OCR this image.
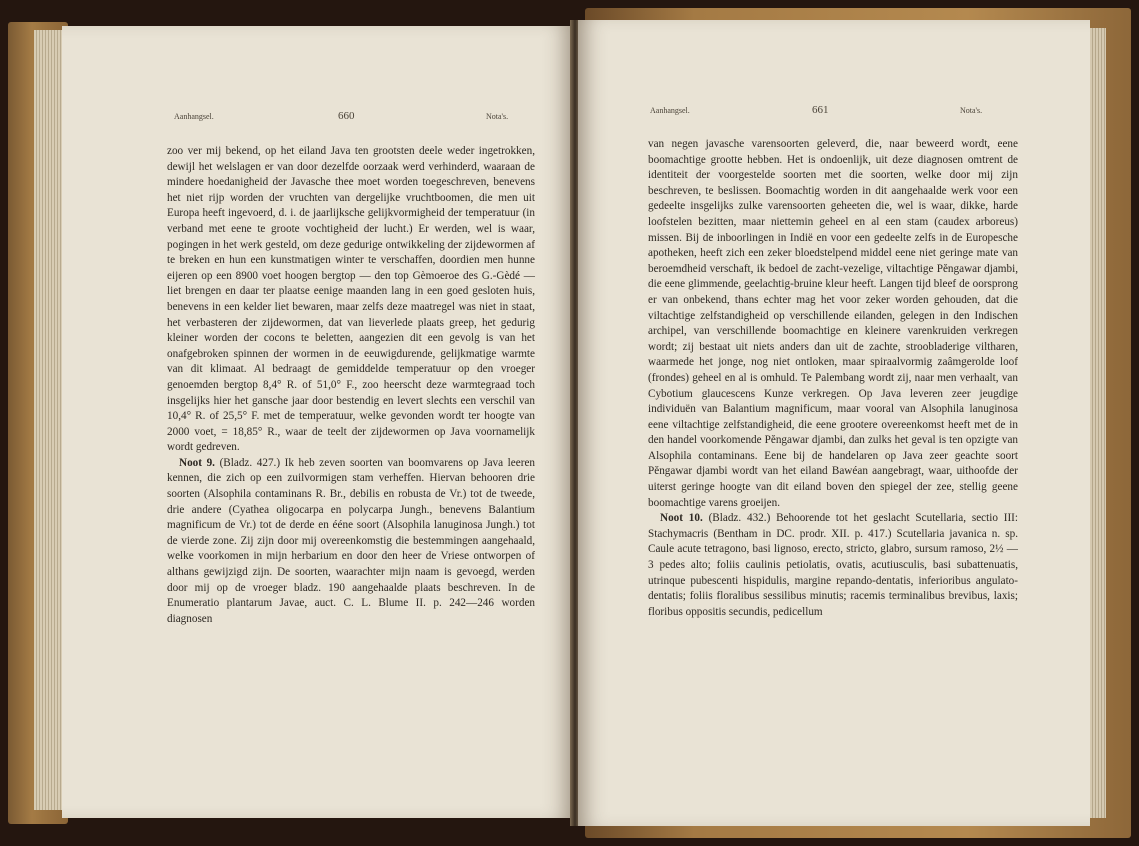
Aanhangsel.	660	Nota's.

zoo ver mij bekend, op het eiland Java ten grootsten deele weder ingetrokken, dewijl het welslagen er van door dezelfde oorzaak werd verhinderd, waaraan de mindere hoedanigheid der Javasche thee moet worden toegeschreven, benevens het niet rijp worden der vruchten van dergelijke vruchtboomen, die men uit Europa heeft ingevoerd, d. i. de jaarlijksche gelijkvormigheid der temperatuur (in verband met eene te groote vochtigheid der lucht.) Er werden, wel is waar, pogingen in het werk gesteld, om deze gedurige ontwikkeling der zijdewormen af te breken en hun een kunstmatigen winter te verschaffen, doordien men hunne eijeren op een 8900 voet hoogen bergtop — den top Gèmoeroe des G.-Gèdé — liet brengen en daar ter plaatse eenige maanden lang in een goed gesloten huis, benevens in een kelder liet bewaren, maar zelfs deze maatregel was niet in staat, het verbasteren der zijdewormen, dat van lieverlede plaats greep, het gedurig kleiner worden der cocons te beletten, aangezien dit een gevolg is van het onafgebroken spinnen der wormen in de eeuwigdurende, gelijkmatige warmte van dit klimaat. Al bedraagt de gemiddelde temperatuur op den vroeger genoemden bergtop 8,4° R. of 51,0° F., zoo heerscht deze warmtegraad toch insgelijks hier het gansche jaar door bestendig en levert slechts een verschil van 10,4° R. of 25,5° F. met de temperatuur, welke gevonden wordt ter hoogte van 2000 voet, = 18,85° R., waar de teelt der zijdewormen op Java voornamelijk wordt gedreven.

Noot 9. (Bladz. 427.) Ik heb zeven soorten van boomvarens op Java leeren kennen, die zich op een zuilvormigen stam verheffen. Hiervan behooren drie soorten (Alsophila contaminans R. Br., debilis en robusta de Vr.) tot de tweede, drie andere (Cyathea oligocarpa en polycarpa Jungh., benevens Balantium magnificum de Vr.) tot de derde en ééne soort (Alsophila lanuginosa Jungh.) tot de vierde zone. Zij zijn door mij overeenkomstig die bestemmingen aangehaald, welke voorkomen in mijn herbarium en door den heer de Vriese ontworpen of althans gewijzigd zijn. De soorten, waarachter mijn naam is gevoegd, werden door mij op de vroeger bladz. 190 aangehaalde plaats beschreven. In de Enumeratio plantarum Javae, auct. C. L. Blume II. p. 242—246 worden diagnosen

Aanhangsel.	661	Nota's.

van negen javasche varensoorten geleverd, die, naar beweerd wordt, eene boomachtige grootte hebben. Het is ondoenlijk, uit deze diagnosen omtrent de identiteit der voorgestelde soorten met die soorten, welke door mij zijn beschreven, te beslissen. Boomachtig worden in dit aangehaalde werk voor een gedeelte insgelijks zulke varensoorten geheeten die, wel is waar, dikke, harde loofstelen bezitten, maar niettemin geheel en al een stam (caudex arboreus) missen. Bij de inboorlingen in Indië en voor een gedeelte zelfs in de Europesche apotheken, heeft zich een zeker bloedstelpend middel eene niet geringe mate van beroemdheid verschaft, ik bedoel de zacht-vezelige, viltachtige Pĕngawar djambi, die eene glimmende, geelachtig-bruine kleur heeft. Langen tijd bleef de oorsprong er van onbekend, thans echter mag het voor zeker worden gehouden, dat die viltachtige zelfstandigheid op verschillende eilanden, gelegen in den Indischen archipel, van verschillende boomachtige en kleinere varenkruiden verkregen wordt; zij bestaat uit niets anders dan uit de zachte, stroobladerige viltharen, waarmede het jonge, nog niet ontloken, maar spiraalvormig zaâmgerolde loof (frondes) geheel en al is omhuld. Te Palembang wordt zij, naar men verhaalt, van Cybotium glaucescens Kunze verkregen. Op Java leveren zeer jeugdige individuën van Balantium magnificum, maar vooral van Alsophila lanuginosa eene viltachtige zelfstandigheid, die eene grootere overeenkomst heeft met de in den handel voorkomende Pĕngawar djambi, dan zulks het geval is ten opzigte van Alsophila contaminans. Eene bij de handelaren op Java zeer geachte soort Pĕngawar djambi wordt van het eiland Bawéan aangebragt, waar, uithoofde der uiterst geringe hoogte van dit eiland boven den spiegel der zee, stellig geene boomachtige varens groeijen.

Noot 10. (Bladz. 432.) Behoorende tot het geslacht Scutellaria, sectio III: Stachymacris (Bentham in DC. prodr. XII. p. 417.) Scutellaria javanica n. sp. Caule acute tetragono, basi lignoso, erecto, stricto, glabro, sursum ramoso, 2½ — 3 pedes alto; foliis caulinis petiolatis, ovatis, acutiusculis, basi subattenuatis, utrinque pubescenti hispidulis, margine repando-dentatis, inferioribus angulato-dentatis; foliis floralibus sessilibus minutis; racemis terminalibus brevibus, laxis; floribus oppositis secundis, pedicellum
